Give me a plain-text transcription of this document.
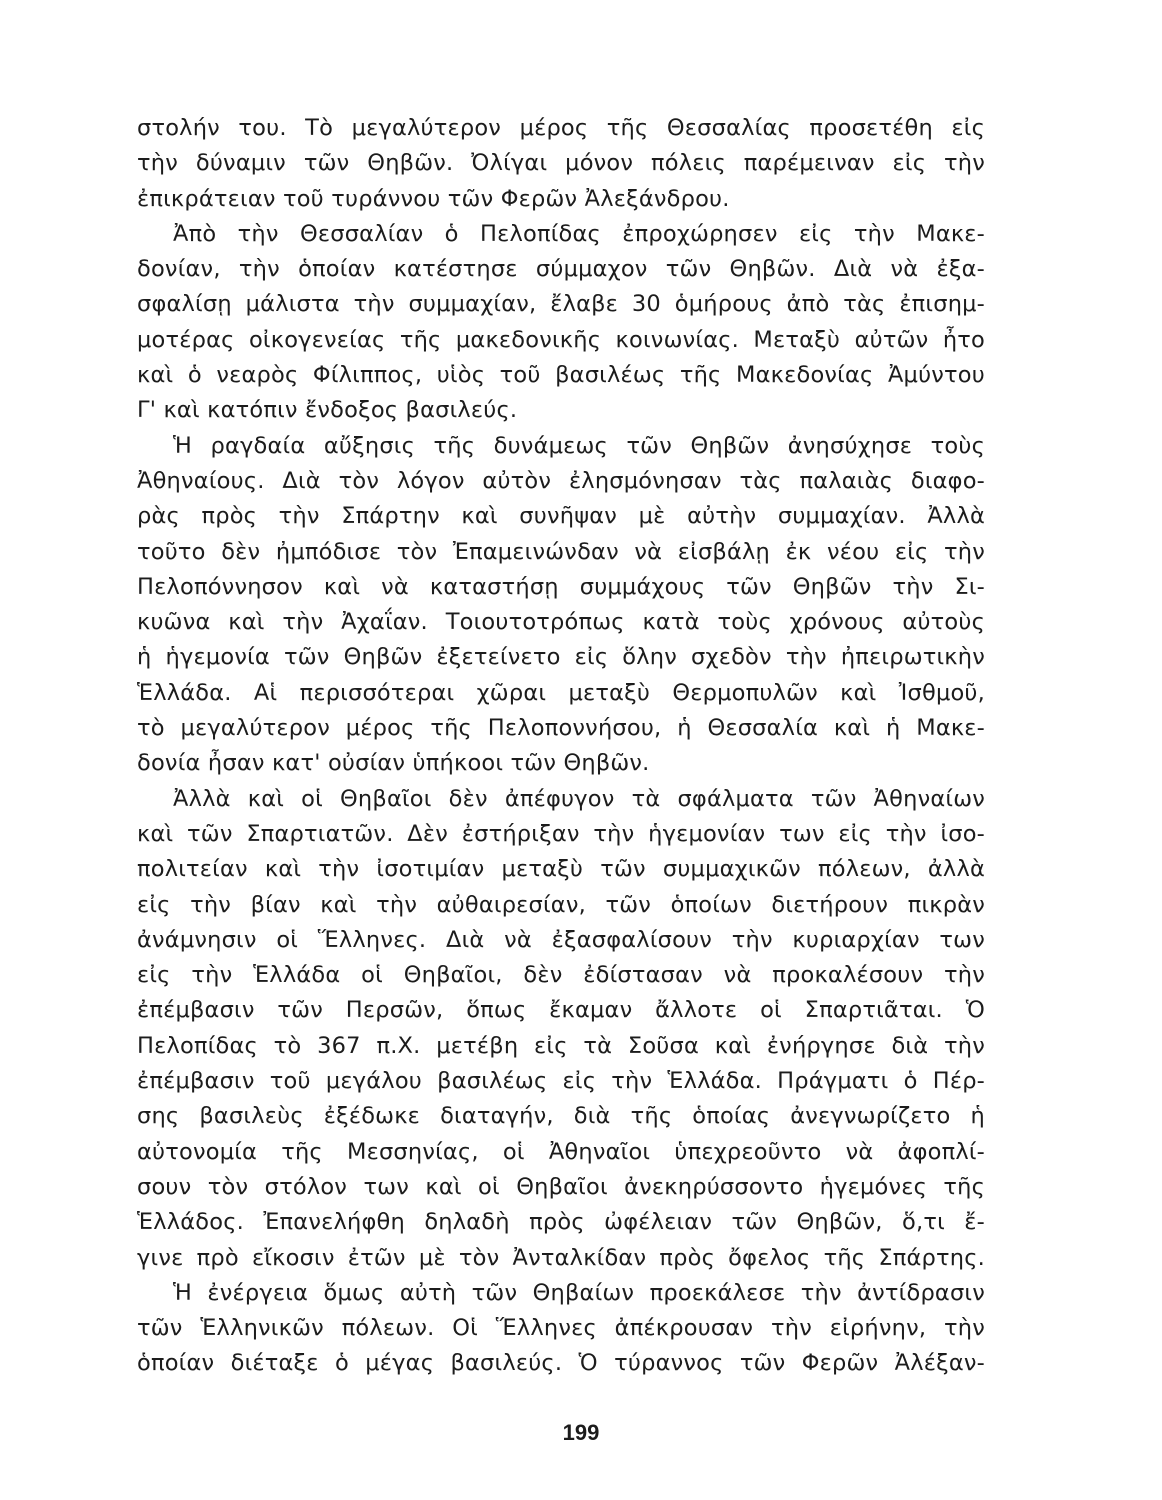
στολήν του. Τὸ μεγαλύτερον μέρος τῆς Θεσσαλίας προσετέθη εἰς
τὴν δύναμιν τῶν Θηβῶν. Ὀλίγαι μόνον πόλεις παρέμειναν εἰς τὴν
ἐπικράτειαν τοῦ τυράννου τῶν Φερῶν Ἀλεξάνδρου.
Ἀπὸ τὴν Θεσσαλίαν ὁ Πελοπίδας ἐπροχώρησεν εἰς τὴν Μακε-
δονίαν, τὴν ὁποίαν κατέστησε σύμμαχον τῶν Θηβῶν. Διὰ νὰ ἐξα-
σφαλίσῃ μάλιστα τὴν συμμαχίαν, ἔλαβε 30 ὁμήρους ἀπὸ τὰς ἐπισημ-
μοτέρας οἰκογενείας τῆς μακεδονικῆς κοινωνίας. Μεταξὺ αὐτῶν ἦτο
καὶ ὁ νεαρὸς Φίλιππος, υἱὸς τοῦ βασιλέως τῆς Μακεδονίας Ἀμύντου
Γ' καὶ κατόπιν ἔνδοξος βασιλεύς.
Ἡ ραγδαία αὔξησις τῆς δυνάμεως τῶν Θηβῶν ἀνησύχησε τοὺς
Ἀθηναίους. Διὰ τὸν λόγον αὐτὸν ἐλησμόνησαν τὰς παλαιὰς διαφο-
ρὰς πρὸς τὴν Σπάρτην καὶ συνῆψαν μὲ αὐτὴν συμμαχίαν. Ἀλλὰ
τοῦτο δὲν ἠμπόδισε τὸν Ἐπαμεινώνδαν νὰ εἰσβάλῃ ἐκ νέου εἰς τὴν
Πελοπόννησον καὶ νὰ καταστήσῃ συμμάχους τῶν Θηβῶν τὴν Σι-
κυῶνα καὶ τὴν Ἀχαΐαν. Τοιουτοτρόπως κατὰ τοὺς χρόνους αὐτοὺς
ἡ ἡγεμονία τῶν Θηβῶν ἐξετείνετο εἰς ὅλην σχεδὸν τὴν ἠπειρωτικὴν
Ἑλλάδα. Αἱ περισσότεραι χῶραι μεταξὺ Θερμοπυλῶν καὶ Ἰσθμοῦ,
τὸ μεγαλύτερον μέρος τῆς Πελοποννήσου, ἡ Θεσσαλία καὶ ἡ Μακε-
δονία ἦσαν κατ' οὐσίαν ὑπήκοοι τῶν Θηβῶν.
Ἀλλὰ καὶ οἱ Θηβαῖοι δὲν ἀπέφυγον τὰ σφάλματα τῶν Ἀθηναίων
καὶ τῶν Σπαρτιατῶν. Δὲν ἐστήριξαν τὴν ἡγεμονίαν των εἰς τὴν ἰσο-
πολιτείαν καὶ τὴν ἰσοτιμίαν μεταξὺ τῶν συμμαχικῶν πόλεων, ἀλλὰ
εἰς τὴν βίαν καὶ τὴν αὐθαιρεσίαν, τῶν ὁποίων διετήρουν πικρὰν
ἀνάμνησιν οἱ Ἕλληνες. Διὰ νὰ ἐξασφαλίσουν τὴν κυριαρχίαν των
εἰς τὴν Ἑλλάδα οἱ Θηβαῖοι, δὲν ἐδίστασαν νὰ προκαλέσουν τὴν
ἐπέμβασιν τῶν Περσῶν, ὅπως ἔκαμαν ἄλλοτε οἱ Σπαρτιᾶται. Ὁ
Πελοπίδας τὸ 367 π.Χ. μετέβη εἰς τὰ Σοῦσα καὶ ἐνήργησε διὰ τὴν
ἐπέμβασιν τοῦ μεγάλου βασιλέως εἰς τὴν Ἑλλάδα. Πράγματι ὁ Πέρ-
σης βασιλεὺς ἐξέδωκε διαταγήν, διὰ τῆς ὁποίας ἀνεγνωρίζετο ἡ
αὐτονομία τῆς Μεσσηνίας, οἱ Ἀθηναῖοι ὑπεχρεοῦντο νὰ ἀφοπλί-
σουν τὸν στόλον των καὶ οἱ Θηβαῖοι ἀνεκηρύσσοντο ἡγεμόνες τῆς
Ἑλλάδος. Ἐπανελήφθη δηλαδὴ πρὸς ὠφέλειαν τῶν Θηβῶν, ὅ,τι ἔ-
γινε πρὸ εἴκοσιν ἐτῶν μὲ τὸν Ἀνταλκίδαν πρὸς ὄφελος τῆς Σπάρτης.
Ἡ ἐνέργεια ὅμως αὐτὴ τῶν Θηβαίων προεκάλεσε τὴν ἀντίδρασιν
τῶν Ἑλληνικῶν πόλεων. Οἱ Ἕλληνες ἀπέκρουσαν τὴν εἰρήνην, τὴν
ὁποίαν διέταξε ὁ μέγας βασιλεύς. Ὁ τύραννος τῶν Φερῶν Ἀλέξαν-
199
